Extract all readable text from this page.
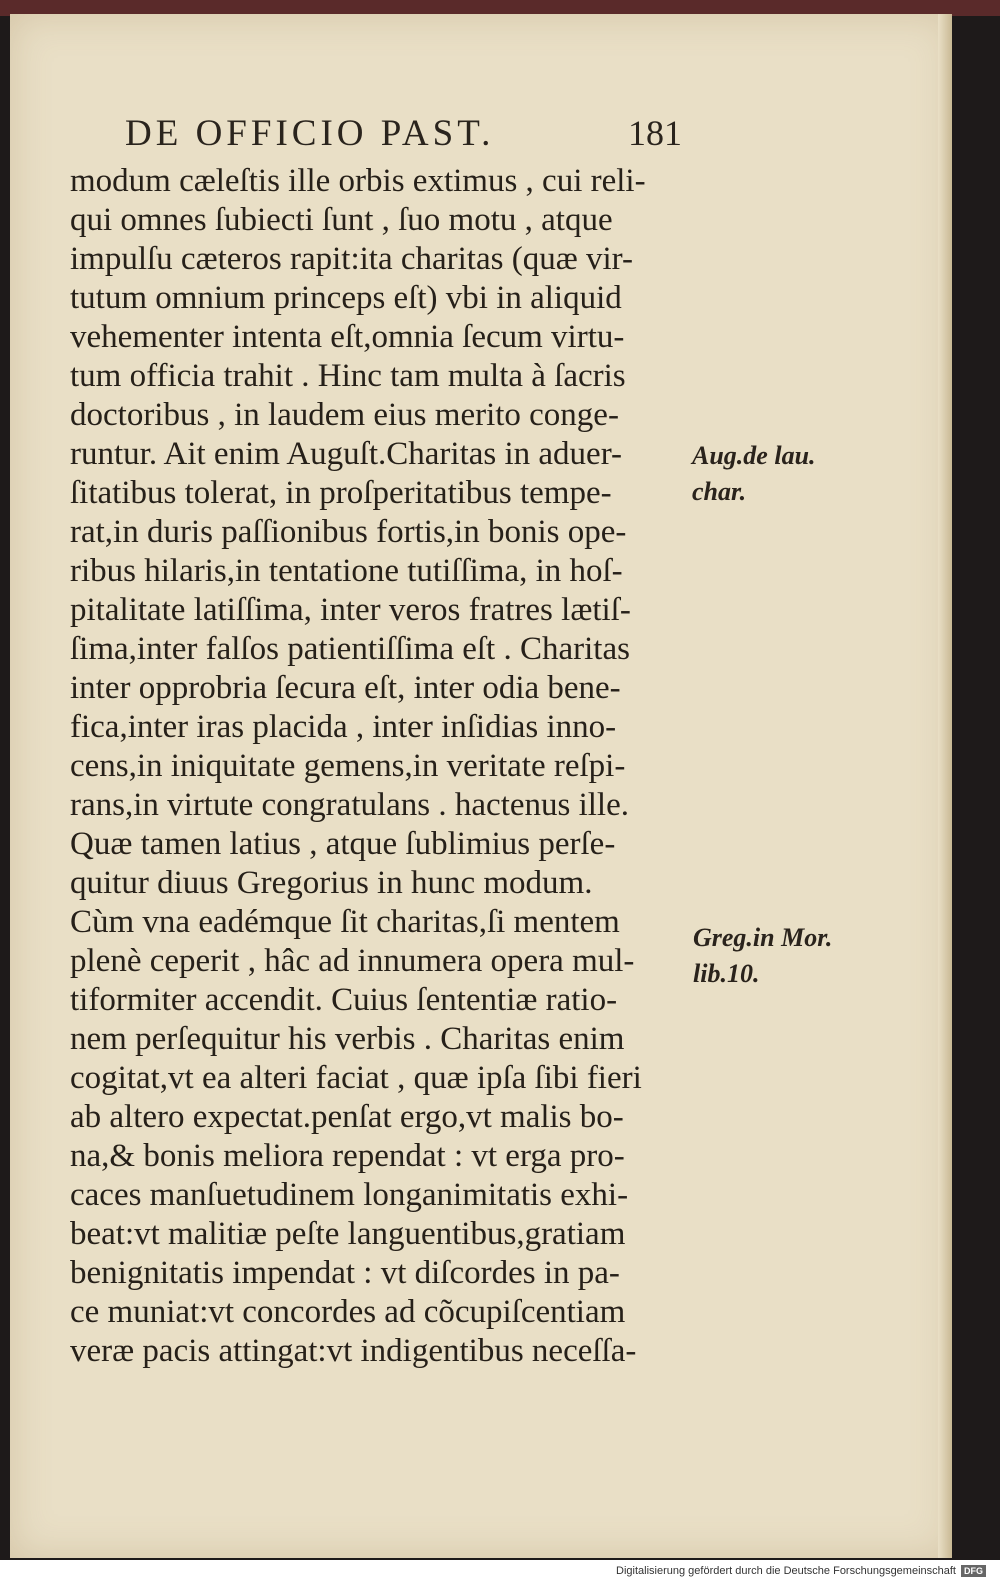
DE OFFICIO PAST.	181
modum cæleſtis ille orbis extimus , cui reli-
qui omnes ſubiecti ſunt , ſuo motu , atque
impulſu cæteros rapit:ita charitas (quæ vir-
tutum omnium princeps eſt) vbi in aliquid
vehementer intenta eſt,omnia ſecum virtu-
tum officia trahit . Hinc tam multa à ſacris
doctoribus , in laudem eius merito conge-
runtur. Ait enim Auguſt.Charitas in aduer-
ſitatibus tolerat, in proſperitatibus tempe-
rat,in duris paſſionibus fortis,in bonis ope-
ribus hilaris,in tentatione tutiſſima, in hoſ-
pitalitate latiſſima, inter veros fratres lætiſ-
ſima,inter falſos patientiſſima eſt . Charitas
inter opprobria ſecura eſt, inter odia bene-
fica,inter iras placida , inter inſidias inno-
cens,in iniquitate gemens,in veritate reſpi-
rans,in virtute congratulans . hactenus ille.
Quæ tamen latius , atque ſublimius perſe-
quitur diuus Gregorius in hunc modum.
Cùm vna eadémque ſit charitas,ſi mentem
plenè ceperit , hâc ad innumera opera mul-
tiformiter accendit. Cuius ſententiæ ratio-
nem perſequitur his verbis . Charitas enim
cogitat,vt ea alteri faciat , quæ ipſa ſibi fieri
ab altero expectat.penſat ergo,vt malis bo-
na,& bonis meliora rependat : vt erga pro-
caces manſuetudinem longanimitatis exhi-
beat:vt malitiæ peſte languentibus,gratiam
benignitatis impendat : vt diſcordes in pa-
ce muniat:vt concordes ad cõcupiſcentiam
veræ pacis attingat:vt indigentibus neceſſa-
Aug.de lau.
char.
Greg.in Mor.
lib.10.
Digitalisierung gefördert durch die Deutsche Forschungsgemeinschaft DFG
